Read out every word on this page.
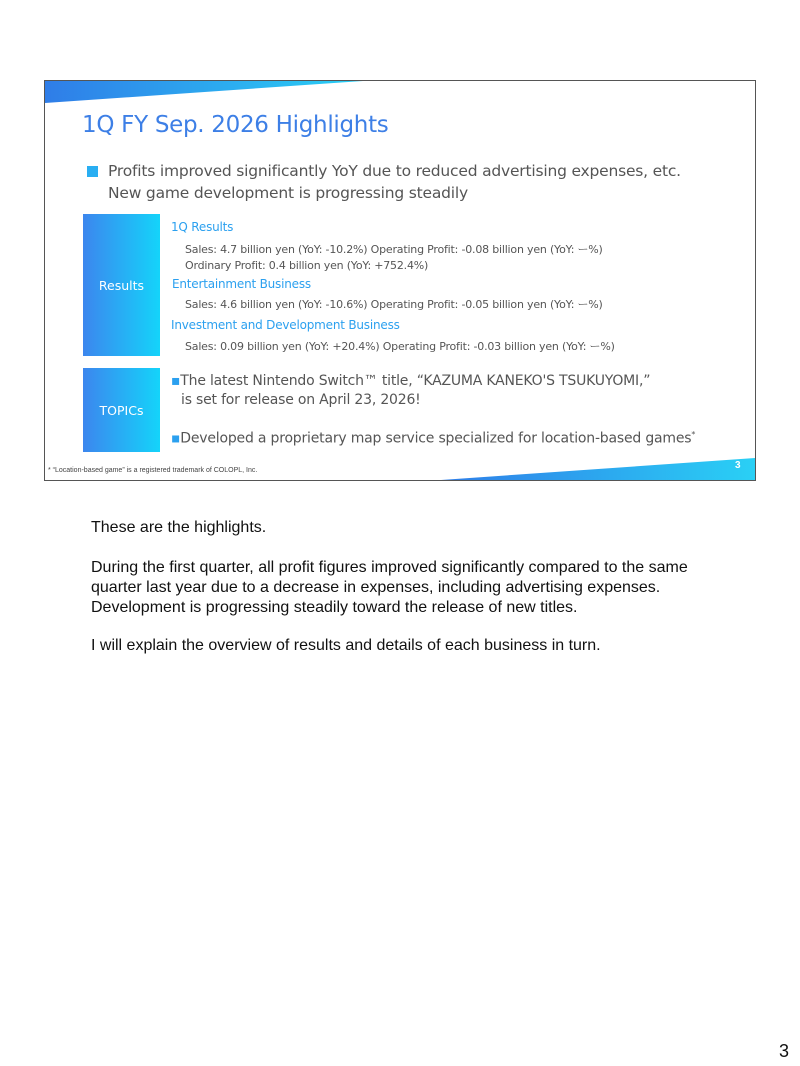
1Q FY Sep. 2026 Highlights
Profits improved significantly YoY due to reduced advertising expenses, etc.
New game development is progressing steadily
Results
1Q Results
Sales: 4.7 billion yen (YoY: -10.2%) Operating Profit: -0.08 billion yen (YoY: ー%)
Ordinary Profit: 0.4 billion yen (YoY: +752.4%)
Entertainment Business
Sales: 4.6 billion yen (YoY: -10.6%) Operating Profit: -0.05 billion yen (YoY: ー%)
Investment and Development Business
Sales: 0.09 billion yen (YoY: +20.4%) Operating Profit: -0.03 billion yen (YoY: ー%)
TOPICs
▪The latest Nintendo Switch™ title, “KAZUMA KANEKO'S TSUKUYOMI,”
is set for release on April 23, 2026!
▪Developed a proprietary map service specialized for location-based games*
* “Location-based game” is a registered trademark of COLOPL, Inc.	3
These are the highlights.
During the first quarter, all profit figures improved significantly compared to the same
quarter last year due to a decrease in expenses, including advertising expenses.
Development is progressing steadily toward the release of new titles.
I will explain the overview of results and details of each business in turn.
3
